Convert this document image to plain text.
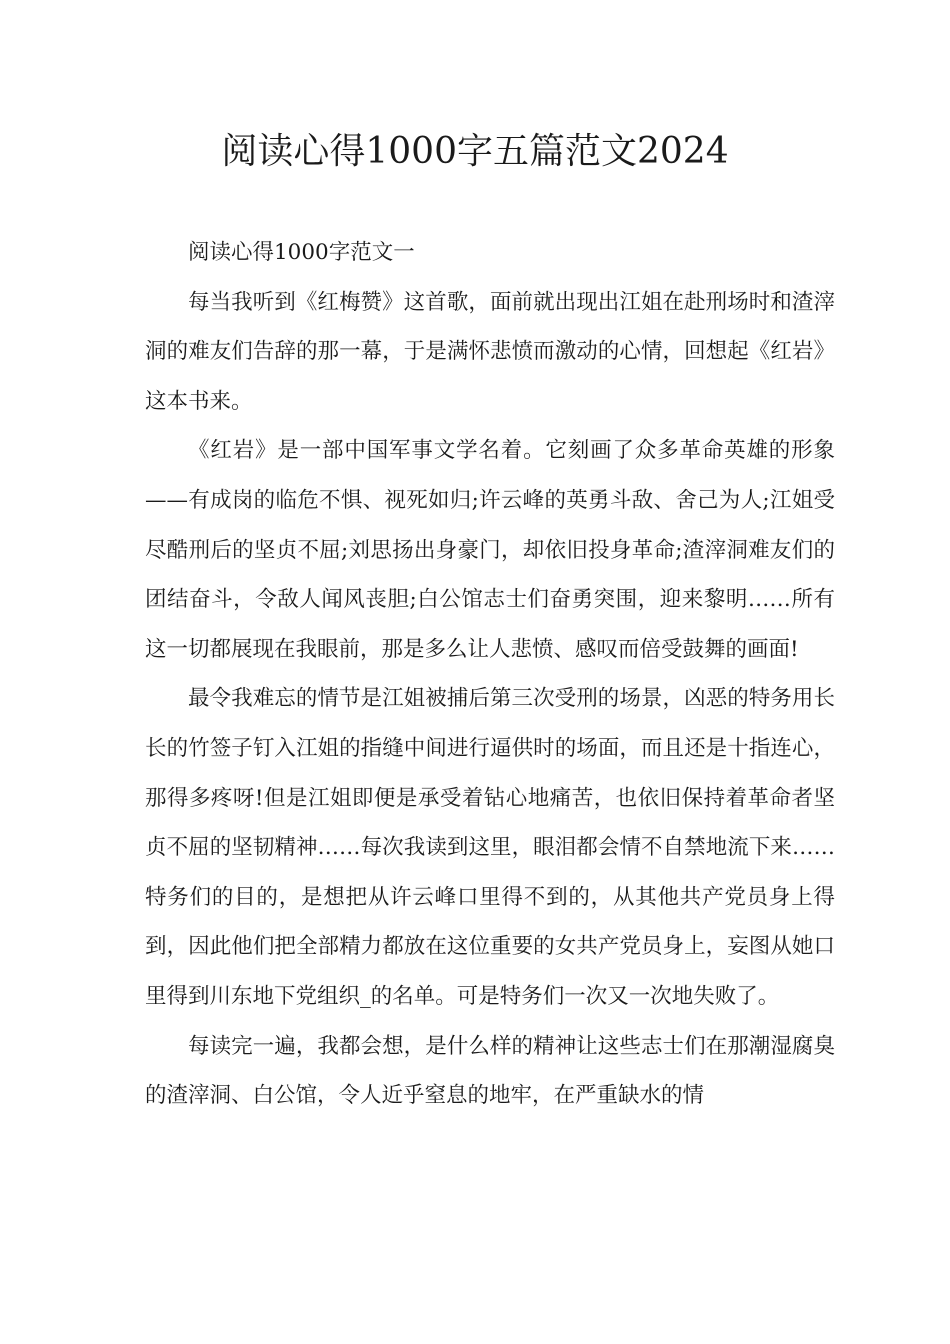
阅读心得1000字五篇范文2024

阅读心得1000字范文一

每当我听到《红梅赞》这首歌，面前就出现出江姐在赴刑场时和渣滓洞的难友们告辞的那一幕，于是满怀悲愤而激动的心情，回想起《红岩》这本书来。

《红岩》是一部中国军事文学名着。它刻画了众多革命英雄的形象——有成岗的临危不惧、视死如归;许云峰的英勇斗敌、舍己为人;江姐受尽酷刑后的坚贞不屈;刘思扬出身豪门，却依旧投身革命;渣滓洞难友们的团结奋斗，令敌人闻风丧胆;白公馆志士们奋勇突围，迎来黎明……所有这一切都展现在我眼前，那是多么让人悲愤、感叹而倍受鼓舞的画面!

最令我难忘的情节是江姐被捕后第三次受刑的场景，凶恶的特务用长长的竹签子钉入江姐的指缝中间进行逼供时的场面，而且还是十指连心，那得多疼呀!但是江姐即便是承受着钻心地痛苦，也依旧保持着革命者坚贞不屈的坚韧精神……每次我读到这里，眼泪都会情不自禁地流下来……特务们的目的，是想把从许云峰口里得不到的，从其他共产党员身上得到，因此他们把全部精力都放在这位重要的女共产党员身上，妄图从她口里得到川东地下党组织_的名单。可是特务们一次又一次地失败了。

每读完一遍，我都会想，是什么样的精神让这些志士们在那潮湿腐臭的渣滓洞、白公馆，令人近乎窒息的地牢，在严重缺水的情
